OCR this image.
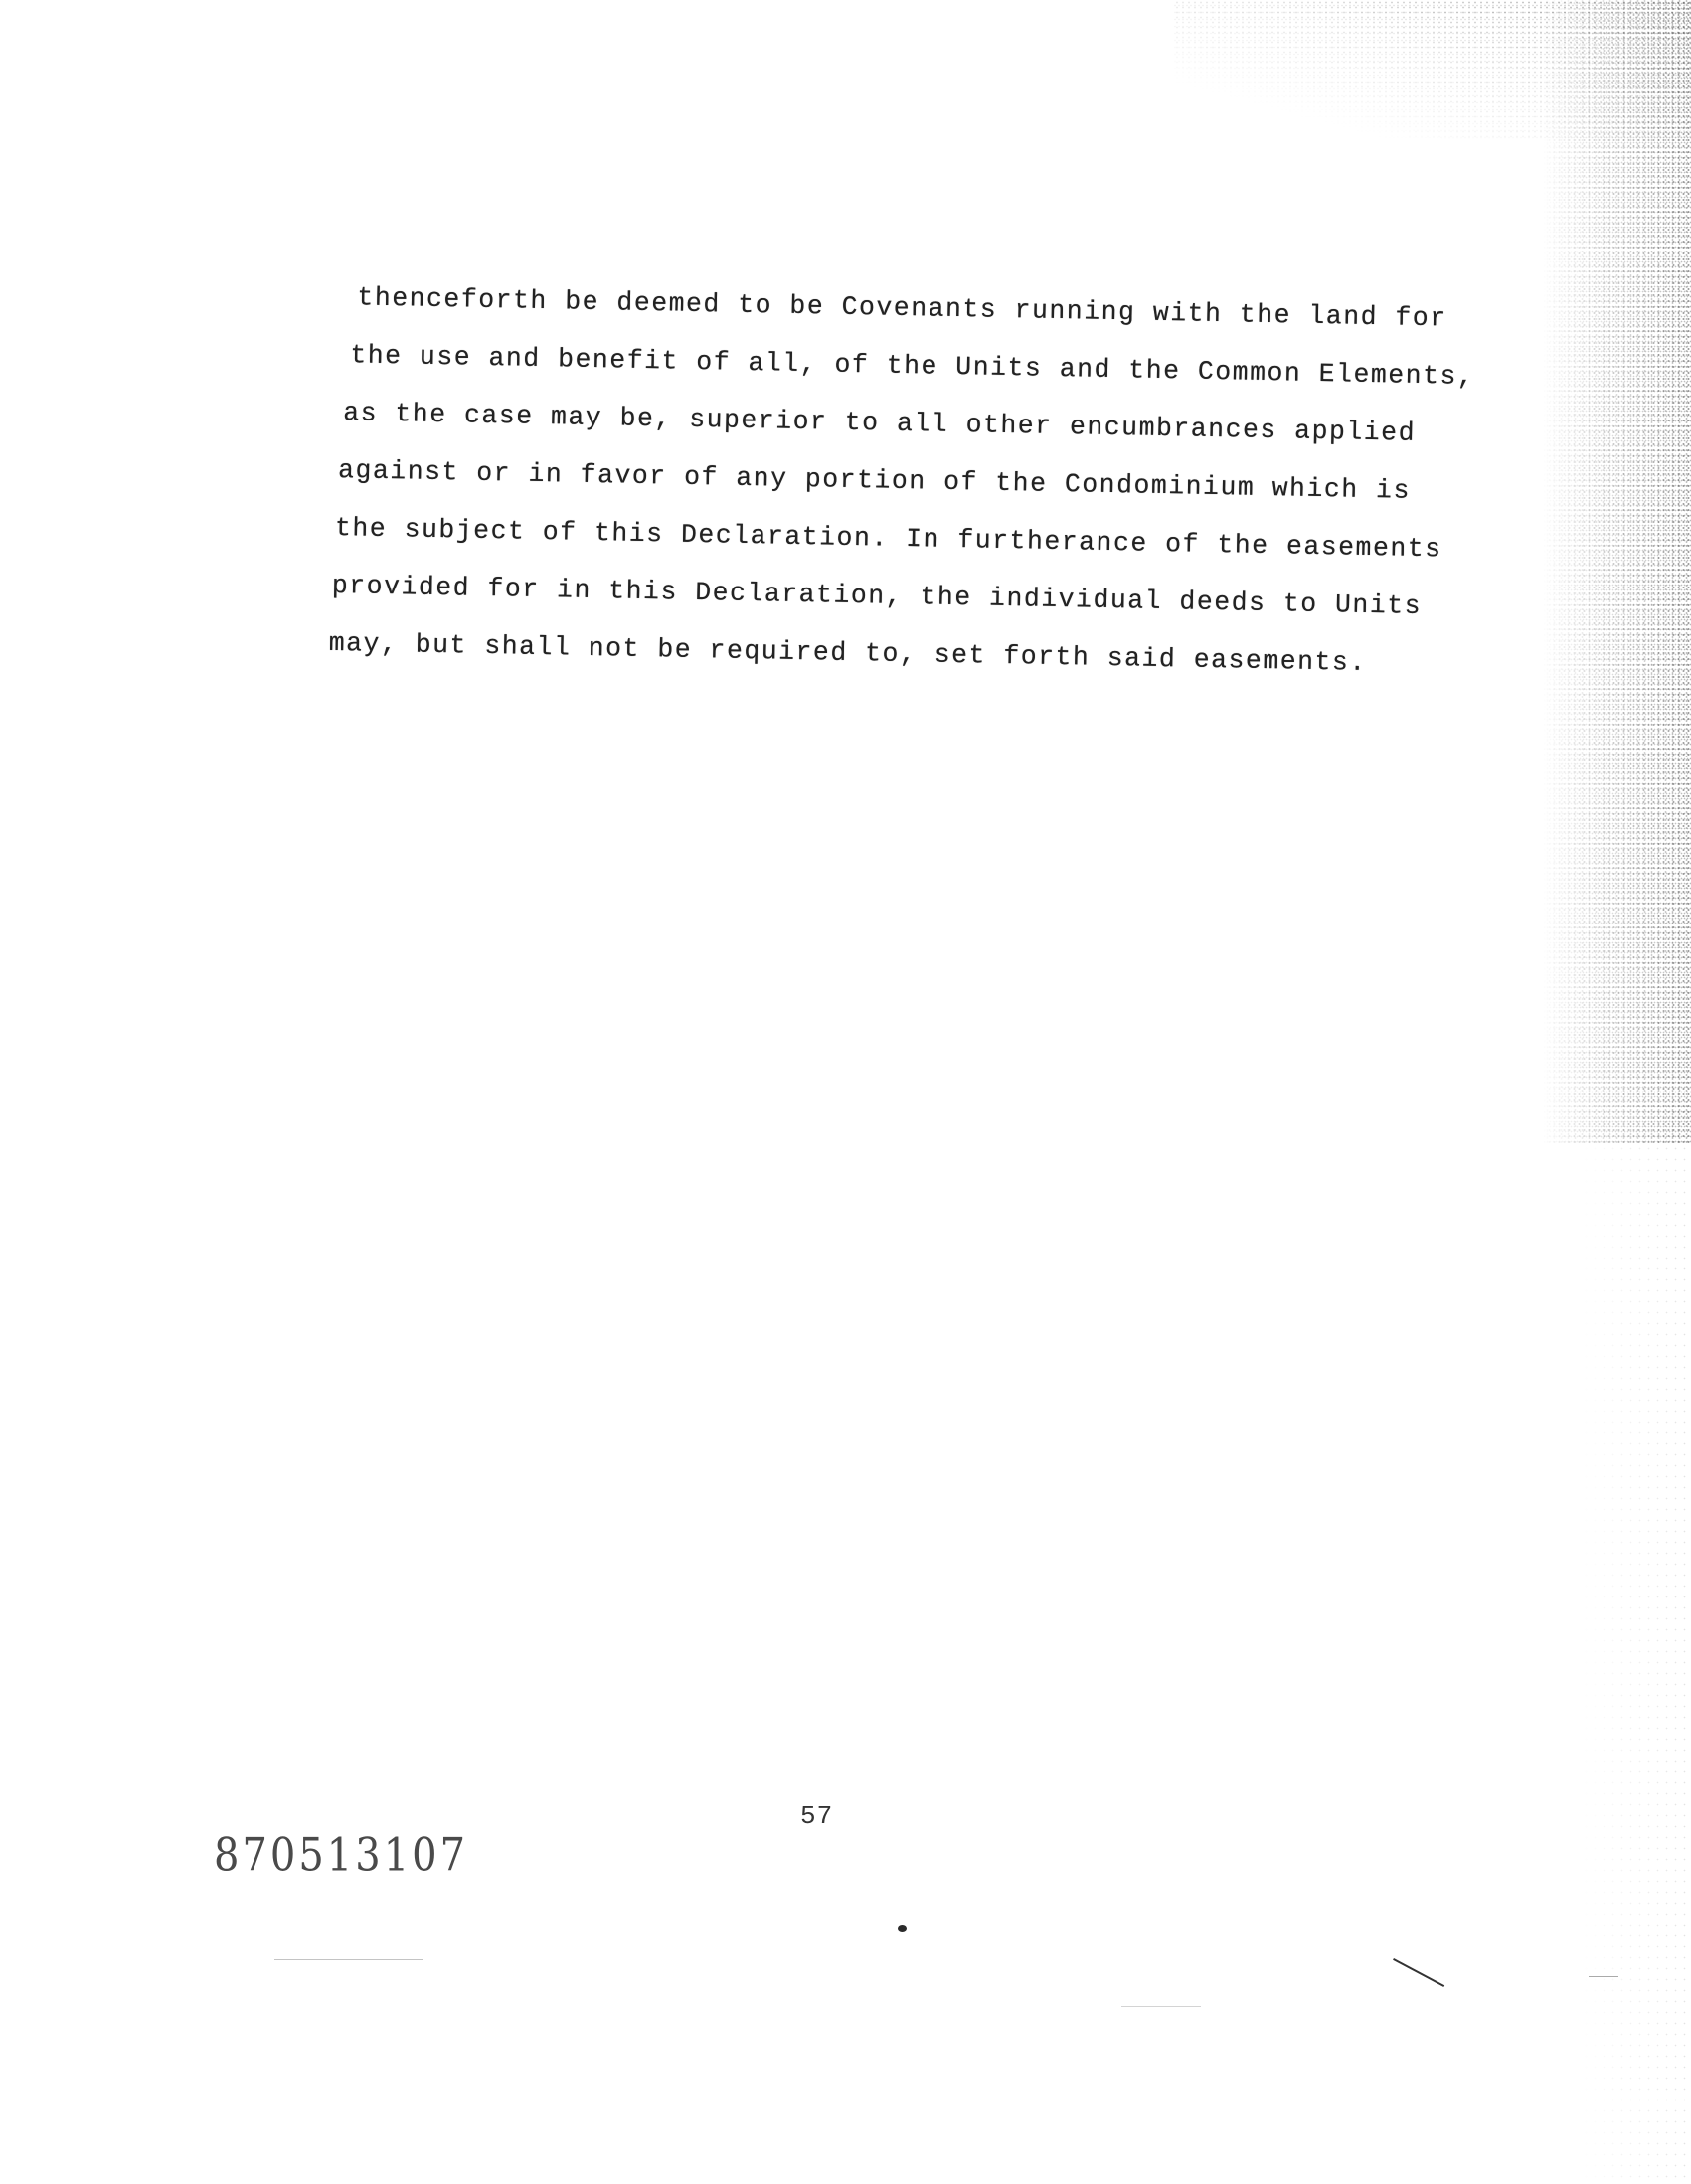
thenceforth be deemed to be Covenants running with the land for
the use and benefit of all, of the Units and the Common Elements,
as the case may be, superior to all other encumbrances applied
against or in favor of any portion of the Condominium which is
the subject of this Declaration. In furtherance of the easements
provided for in this Declaration, the individual deeds to Units
may, but shall not be required to, set forth said easements.
57
870513107
